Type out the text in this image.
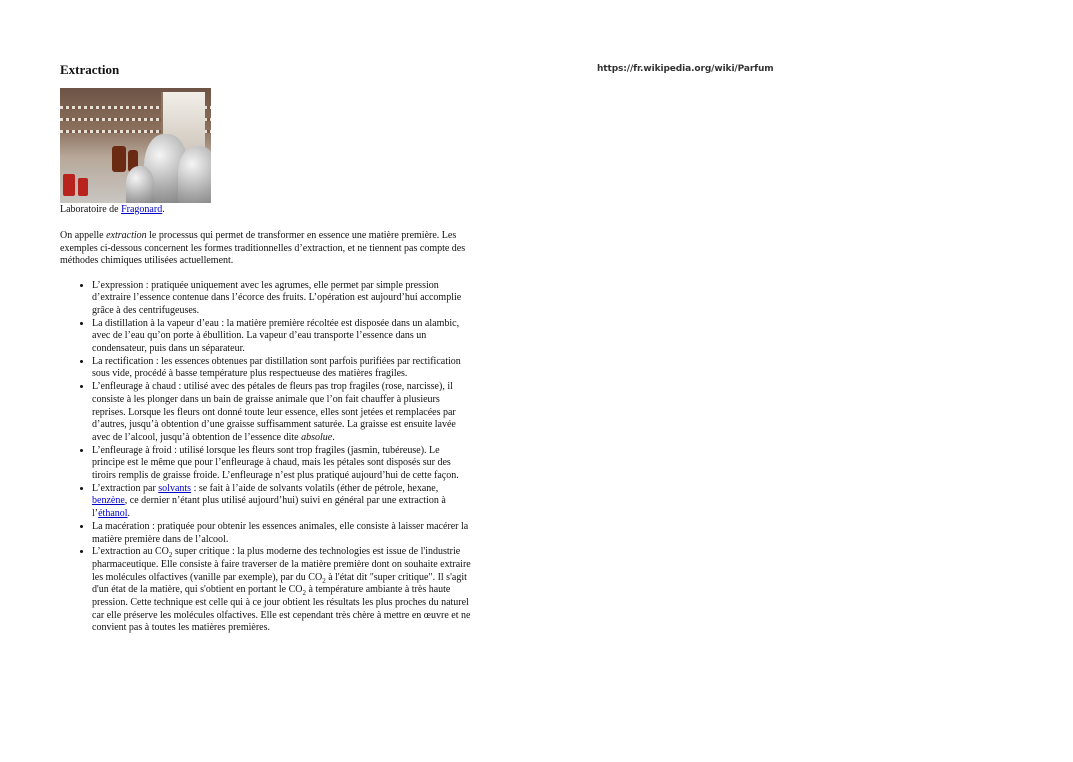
https://fr.wikipedia.org/wiki/Parfum
Extraction
Laboratoire de Fragonard.

On appelle extraction le processus qui permet de transformer en essence une matière première. Les exemples ci-dessous concernent les formes traditionnelles d’extraction, et ne tiennent pas compte des méthodes chimiques utilisées actuellement.

• L’expression : pratiquée uniquement avec les agrumes, elle permet par simple pression d’extraire l’essence contenue dans l’écorce des fruits. L’opération est aujourd’hui accomplie grâce à des centrifugeuses.
• La distillation à la vapeur d’eau : la matière première récoltée est disposée dans un alambic, avec de l’eau qu’on porte à ébullition. La vapeur d’eau transporte l’essence dans un condensateur, puis dans un séparateur.
• La rectification : les essences obtenues par distillation sont parfois purifiées par rectification sous vide, procédé à basse température plus respectueuse des matières fragiles.
• L’enfleurage à chaud : utilisé avec des pétales de fleurs pas trop fragiles (rose, narcisse), il consiste à les plonger dans un bain de graisse animale que l’on fait chauffer à plusieurs reprises. Lorsque les fleurs ont donné toute leur essence, elles sont jetées et remplacées par d’autres, jusqu’à obtention d’une graisse suffisamment saturée. La graisse est ensuite lavée avec de l’alcool, jusqu’à obtention de l’essence dite absolue.
• L’enfleurage à froid : utilisé lorsque les fleurs sont trop fragiles (jasmin, tubéreuse). Le principe est le même que pour l’enfleurage à chaud, mais les pétales sont disposés sur des tiroirs remplis de graisse froide. L’enfleurage n’est plus pratiqué aujourd’hui de cette façon.
• L’extraction par solvants : se fait à l’aide de solvants volatils (éther de pétrole, hexane, benzène, ce dernier n’étant plus utilisé aujourd’hui) suivi en général par une extraction à l’éthanol.
• La macération : pratiquée pour obtenir les essences animales, elle consiste à laisser macérer la matière première dans de l’alcool.
• L’extraction au $CO_2$ super critique : la plus moderne des technologies est issue de l'industrie pharmaceutique. Elle consiste à faire traverser de la matière première dont on souhaite extraire les molécules olfactives (vanille par exemple), par du $CO_2$ à l'état dit "super critique". Il s'agit d'un état de la matière, qui s'obtient en portant le $CO_2$ à température ambiante à très haute pression. Cette technique est celle qui à ce jour obtient les résultats les plus proches du naturel car elle préserve les molécules olfactives. Elle est cependant très chère à mettre en œuvre et ne convient pas à toutes les matières premières.
